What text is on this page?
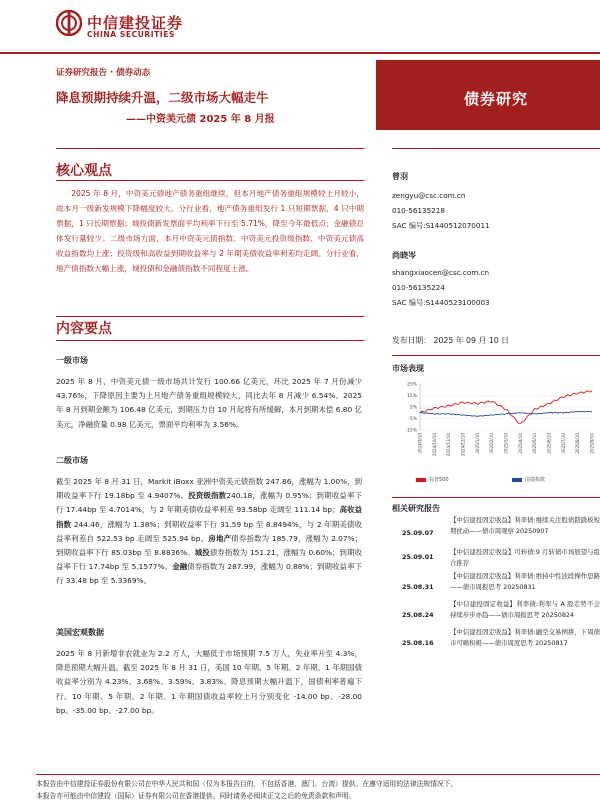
中信建投证券
CHINA SECURITIES
证券研究报告 · 债券动态
降息预期持续升温，二级市场大幅走牛
——中资美元债 2025 年 8 月报
债券研究
核心观点
2025 年 8 月，中资美元债地产债务重组继续，但本月地产债务重组规模较上月较小，故本月一级新发规模下降幅度较大。分行业看，地产债务重组发行 1 只短期票据，4 只中期票据，1 只长期票据；城投债新发票面平均利率下行至 5.71%，降至今年最低点；金融债总体发行量较少。二级市场方面，本月中资美元债指数、中资美元投资级指数、中资美元债高收益指数均上涨；投资级和高收益到期收益率与 2 年期美债收益率利差均走阔。分行业看，地产债指数大幅上涨，城投债和金融债指数不同程度上涨。
内容要点
一级市场
2025 年 8 月，中资美元债一级市场共计发行 100.66 亿美元，环比 2025 年 7 月份减少 43.76%，下降原因主要为上月地产债务重组规模较大，同比去年 8 月减少 6.54%。2025 年 8 月到期金额为 106.48 亿美元，到期压力自 10 月起将有所缓解，本月到期未偿 6.80 亿美元，净融资量 0.98 亿美元，票面平均利率为 3.56%。
二级市场
截至 2025 年 8 月 31 日，Markit iBoxx 亚洲中资美元债指数 247.86，涨幅为 1.00%，到期收益率下行 19.18bp 至 4.9407%。投资级指数240.18，涨幅为 0.95%；到期收益率下行 17.44bp 至 4.7014%，与 2 年期美债收益率利差 93.58bp 走阔至 111.14 bp；高收益指数 244.46，涨幅为 1.38%；到期收益率下行 31.59 bp 至 8.8494%，与 2 年期美债收益率利差自 522.53 bp 走阔至 525.94 bp。房地产债券指数为 185.79，涨幅为 2.07%；到期收益率下行 85.03bp 至 8.8836%。城投债券指数为 151.21，涨幅为 0.60%；到期收益率下行 17.74bp 至 5.1577%。金融债券指数为 287.99，涨幅为 0.88%；到期收益率下行 33.48 bp 至 5.3369%。
美国宏观数据
2025 年 8 月新增非农就业为 2.2 万人，大幅低于市场预期 7.5 万人，失业率升至 4.3%，降息预期大幅升温。截至 2025 年 8 月 31 日，美国 10 年期、5 年期、2 年期、1 年期国债收益率分别为 4.23%、3.68%、3.59%、3.83%。降息预期大幅升温下，国债利率普遍下行。10 年期、5 年期、2 年期、1 年期国债收益率较上月分别变化 -14.00 bp、-28.00 bp、-35.00 bp、-27.00 bp。
曾羽
zengyu@csc.com.cn
010-56135218
SAC 编号:S1440512070011
尚晓岑
shangxiaocen@csc.com.cn
010-56135224
SAC 编号:S1440523100003
发布日期： 2025 年 09 月 10 日
市场表现
25%
15%
5%
-5%
-15%
2024/9/10 2024/10/10 2024/11/10 2024/12/10 2025/1/10 2025/2/10 2025/3/10 2025/4/10 2025/5/10 2025/6/10 2025/7/10 2025/8/10 2025/9/10
标普500	国债指数
相关研究报告
25.09.07
【中信建投固定收益】利率债:继续关注股债跷跷板短期扰动——债市周观察 20250907
25.09.01
【中信建投固定收益】可转债:9 月转债市场展望与组合推荐
25.08.31
【中信建投固定收益】利率债:维持中性波段操作思路——债市周报思考 20250831
25.08.24
【中信建投固定收益】利率债:利率与 A 股走势不会持续步步亦趋——债市周报思考 20250824
25.08.16
【中信建投固定收益】利率债:融空交易例拼，下周债市可略积极——债市周度思考 20250817
本报告由中信建投证券股份有限公司在中华人民共和国（仅为本报告目的，不包括香港、澳门、台湾）提供。在遵守适用的法律法规情况下，
本报告亦可能由中信建投（国际）证券有限公司在香港提供。同时请务必阅读正文之后的免责条款和声明。
